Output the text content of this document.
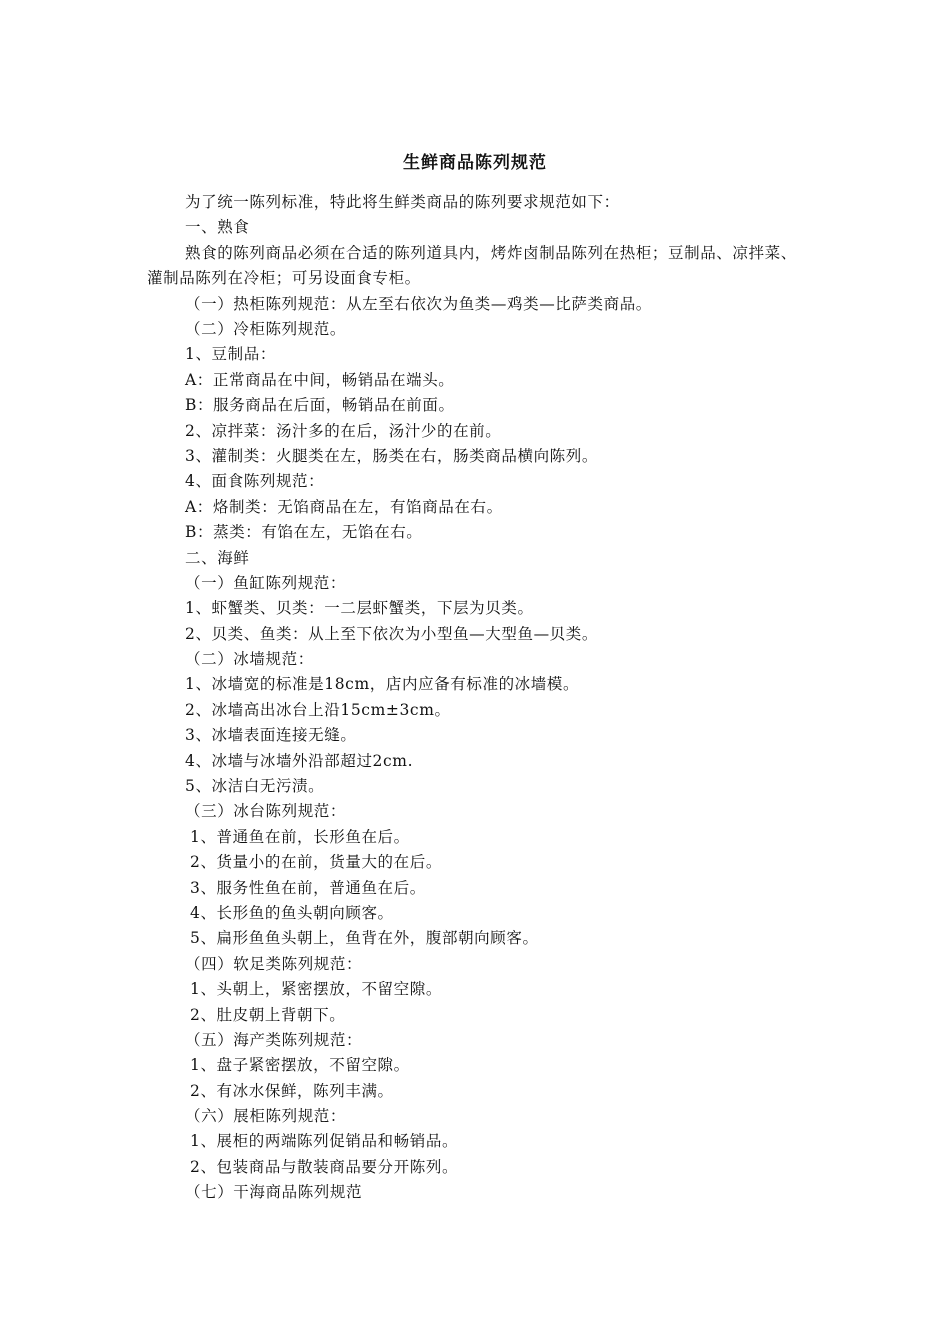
生鲜商品陈列规范
为了统一陈列标准，特此将生鲜类商品的陈列要求规范如下：
一、熟食
熟食的陈列商品必须在合适的陈列道具内，烤炸卤制品陈列在热柜；豆制品、凉拌菜、灌制品陈列在冷柜；可另设面食专柜。
（一）热柜陈列规范：从左至右依次为鱼类—鸡类—比萨类商品。
（二）冷柜陈列规范。
1、豆制品：
A：正常商品在中间，畅销品在端头。
B：服务商品在后面，畅销品在前面。
2、凉拌菜：汤汁多的在后，汤汁少的在前。
3、灌制类：火腿类在左，肠类在右，肠类商品横向陈列。
4、面食陈列规范：
A：烙制类：无馅商品在左，有馅商品在右。
B：蒸类：有馅在左，无馅在右。
二、海鲜
（一）鱼缸陈列规范：
1、虾蟹类、贝类：一二层虾蟹类，下层为贝类。
2、贝类、鱼类：从上至下依次为小型鱼—大型鱼—贝类。
（二）冰墙规范：
1、冰墙宽的标准是18cm，店内应备有标准的冰墙模。
2、冰墙高出冰台上沿15cm±3cm。
3、冰墙表面连接无缝。
4、冰墙与冰墙外沿部超过2cm.
5、冰洁白无污渍。
（三）冰台陈列规范：
1、普通鱼在前，长形鱼在后。
2、货量小的在前，货量大的在后。
3、服务性鱼在前，普通鱼在后。
4、长形鱼的鱼头朝向顾客。
5、扁形鱼鱼头朝上，鱼背在外，腹部朝向顾客。
（四）软足类陈列规范：
1、头朝上，紧密摆放，不留空隙。
2、肚皮朝上背朝下。
（五）海产类陈列规范：
1、盘子紧密摆放，不留空隙。
2、有冰水保鲜，陈列丰满。
（六）展柜陈列规范：
1、展柜的两端陈列促销品和畅销品。
2、包装商品与散装商品要分开陈列。
（七）干海商品陈列规范
